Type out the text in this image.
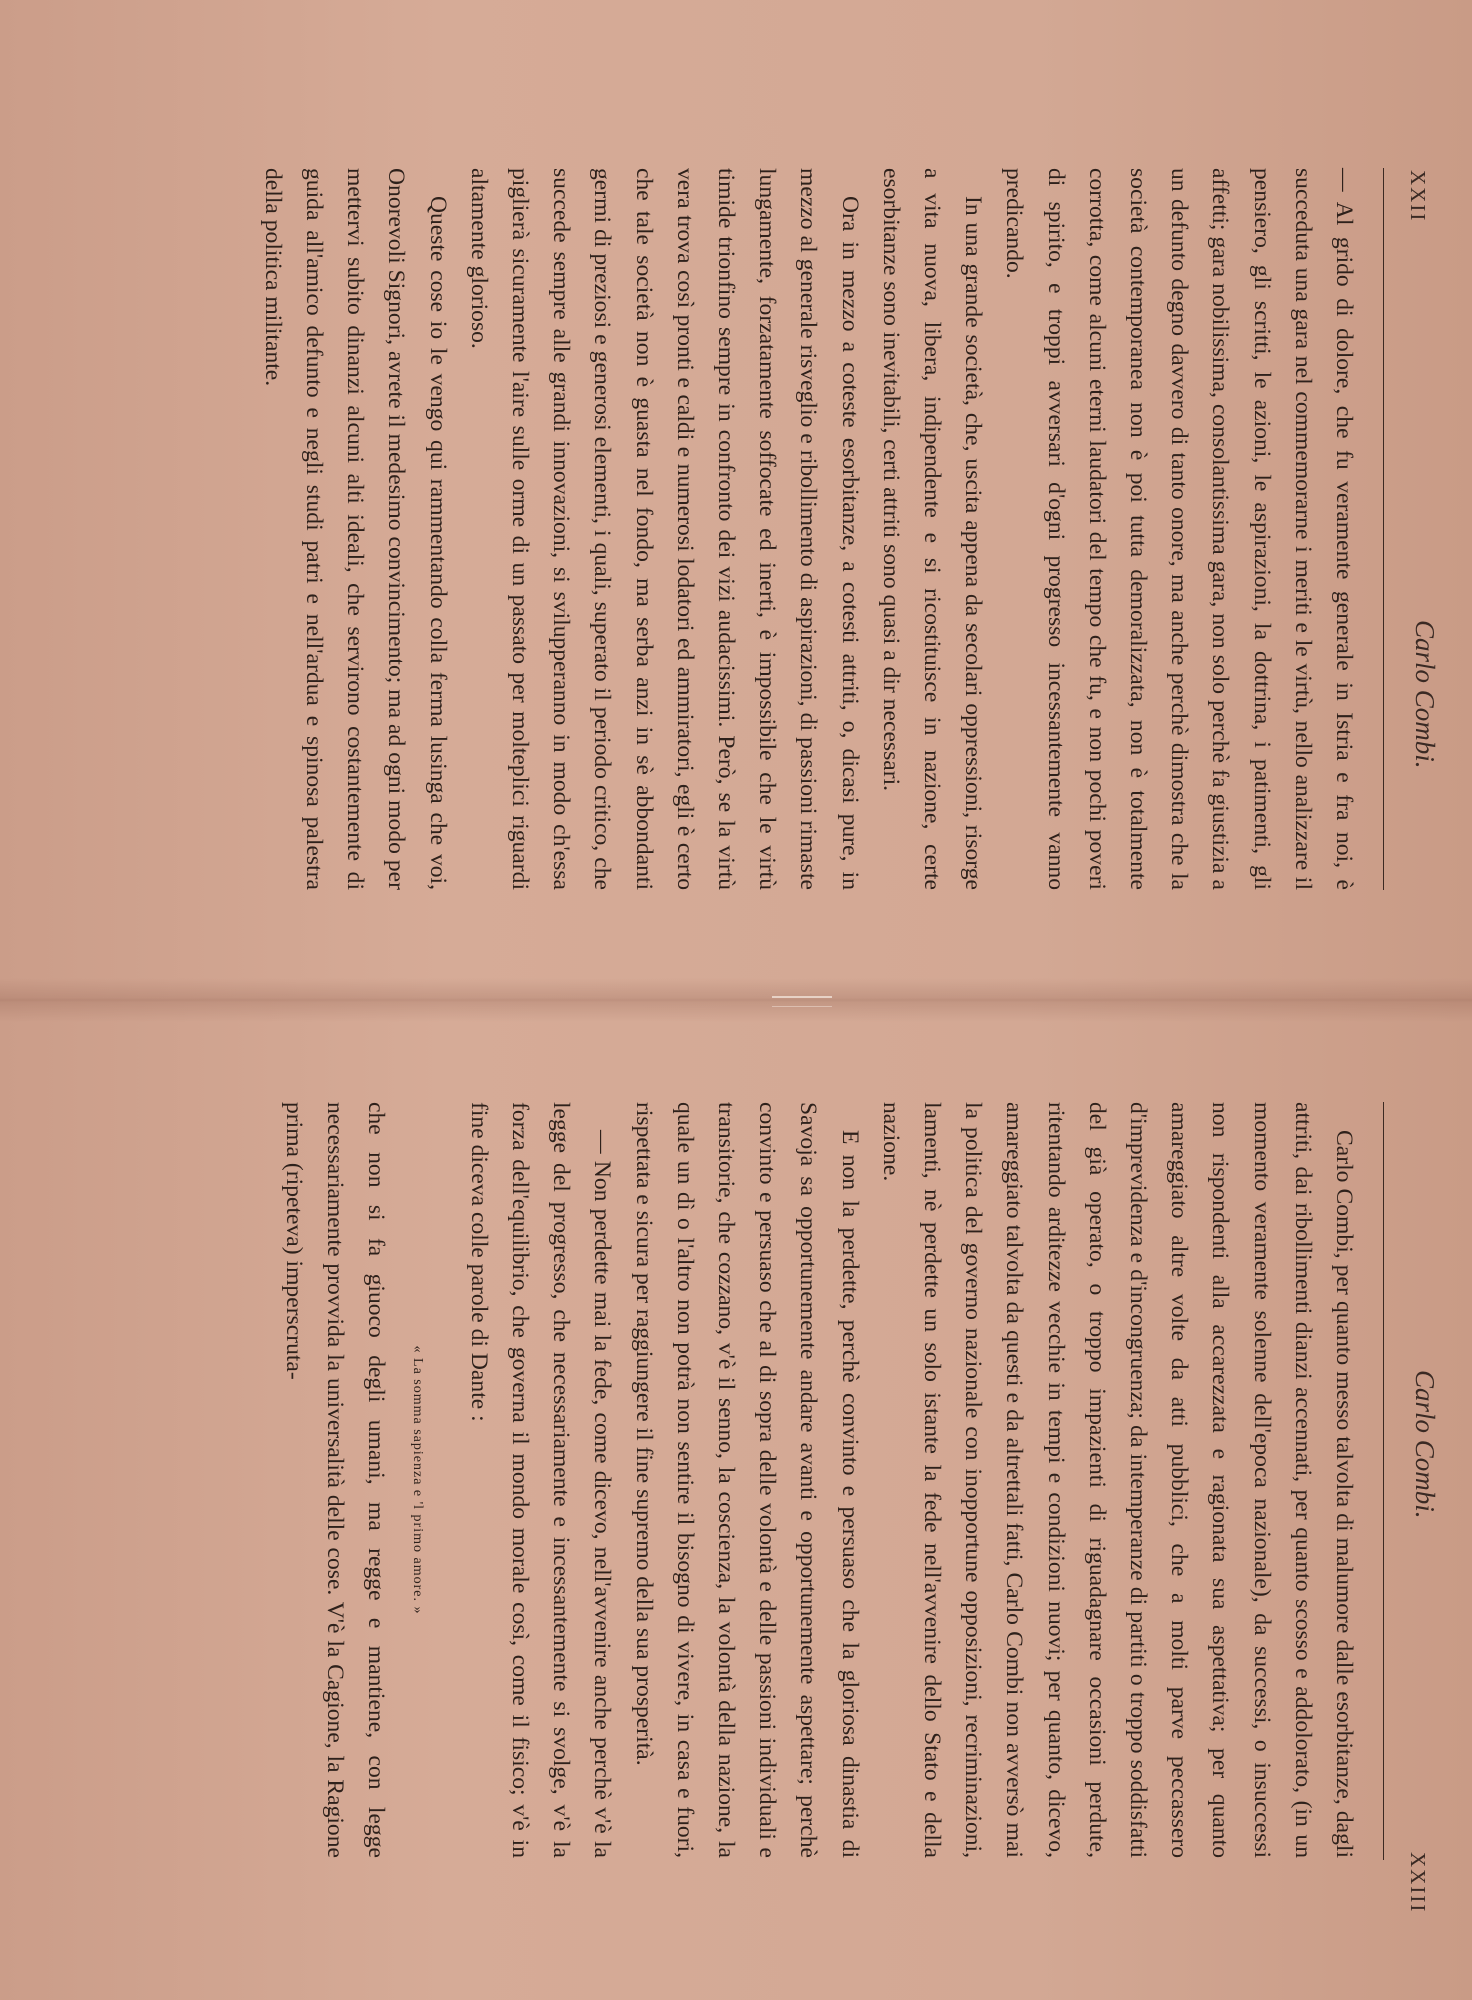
XXII
Carlo Combi.

— Al grido di dolore, che fu veramente generale in Istria e fra noi, è succeduta una gara nel commemorarne i meriti e le virtù, nello analizzare il pensiero, gli scritti, le azioni, le aspirazioni, la dottrina, i patimenti, gli affetti; gara nobilissima, consolantissima gara, non solo perchè fa giustizia a un defunto degno davvero di tanto onore, ma anche perchè dimostra che la società contemporanea non è poi tutta demoralizzata, non è totalmente corrotta, come alcuni eterni laudatori del tempo che fu, e non pochi poveri di spirito, e troppi avversari d'ogni progresso incessantemente vanno predicando.

In una grande società, che, uscita appena da secolari oppressioni, risorge a vita nuova, libera, indipendente e si ricostituisce in nazione, certe esorbitanze sono inevitabili, certi attriti sono quasi a dir necessari.

Ora in mezzo a coteste esorbitanze, a cotesti attriti, o, dicasi pure, in mezzo al generale risveglio e ribollimento di aspirazioni, di passioni rimaste lungamente, forzatamente soffocate ed inerti, è impossibile che le virtù timide trionfino sempre in confronto dei vizi audacissimi. Però, se la virtù vera trova così pronti e caldi e numerosi lodatori ed ammiratori, egli è certo che tale società non è guasta nel fondo, ma serba anzi in sè abbondanti germi di preziosi e generosi elementi, i quali, superato il periodo critico, che succede sempre alle grandi innovazioni, si svilupperanno in modo ch'essa piglierà sicuramente l'aire sulle orme di un passato per molteplici riguardi altamente glorioso.

Queste cose io le vengo qui rammentando colla ferma lusinga che voi, Onorevoli Signori, avrete il medesimo convincimento; ma ad ogni modo per mettervi subito dinanzi alcuni alti ideali, che servirono costantemente di guida all'amico defunto e negli studi patri e nell'ardua e spinosa palestra della politica militante.

Carlo Combi.
XXIII

Carlo Combi, per quanto messo talvolta di malumore dalle esorbitanze, dagli attriti, dai ribollimenti dianzi accennati, per quanto scosso e addolorato, (in un momento veramente solenne dell'epoca nazionale), da successi, o insuccessi non rispondenti alla accarezzata e ragionata sua aspettativa; per quanto amareggiato altre volte da atti pubblici, che a molti parve peccassero d'imprevidenza e d'incongruenza; da intemperanze di partiti o troppo soddisfatti del già operato, o troppo impazienti di riguadagnare occasioni perdute, ritentando arditezze vecchie in tempi e condizioni nuovi; per quanto, dicevo, amareggiato talvolta da questi e da altrettali fatti, Carlo Combi non avversò mai la politica del governo nazionale con inopportune opposizioni, recriminazioni, lamenti, nè perdette un solo istante la fede nell'avvenire dello Stato e della nazione.

E non la perdette, perchè convinto e persuaso che la gloriosa dinastia di Savoja sa opportunemente andare avanti e opportunemente aspettare; perchè convinto e persuaso che al di sopra delle volontà e delle passioni individuali e transitorie, che cozzano, v'è il senno, la coscienza, la volontà della nazione, la quale un dì o l'altro non potrà non sentire il bisogno di vivere, in casa e fuori, rispettata e sicura per raggiungere il fine supremo della sua prosperità.

— Non perdette mai la fede, come dicevo, nell'avvenire anche perchè v'è la legge del progresso, che necessariamente e incessantemente si svolge, v'è la forza dell'equilibrio, che governa il mondo morale così, come il fisico; v'è in fine diceva colle parole di Dante :

« La somma sapienza e 'l primo amore. »

che non si fa giuoco degli umani, ma regge e mantiene, con legge necessariamente provvida la universalità delle cose. V'è la Cagione, la Ragione prima (ripeteva) imperscruta-
